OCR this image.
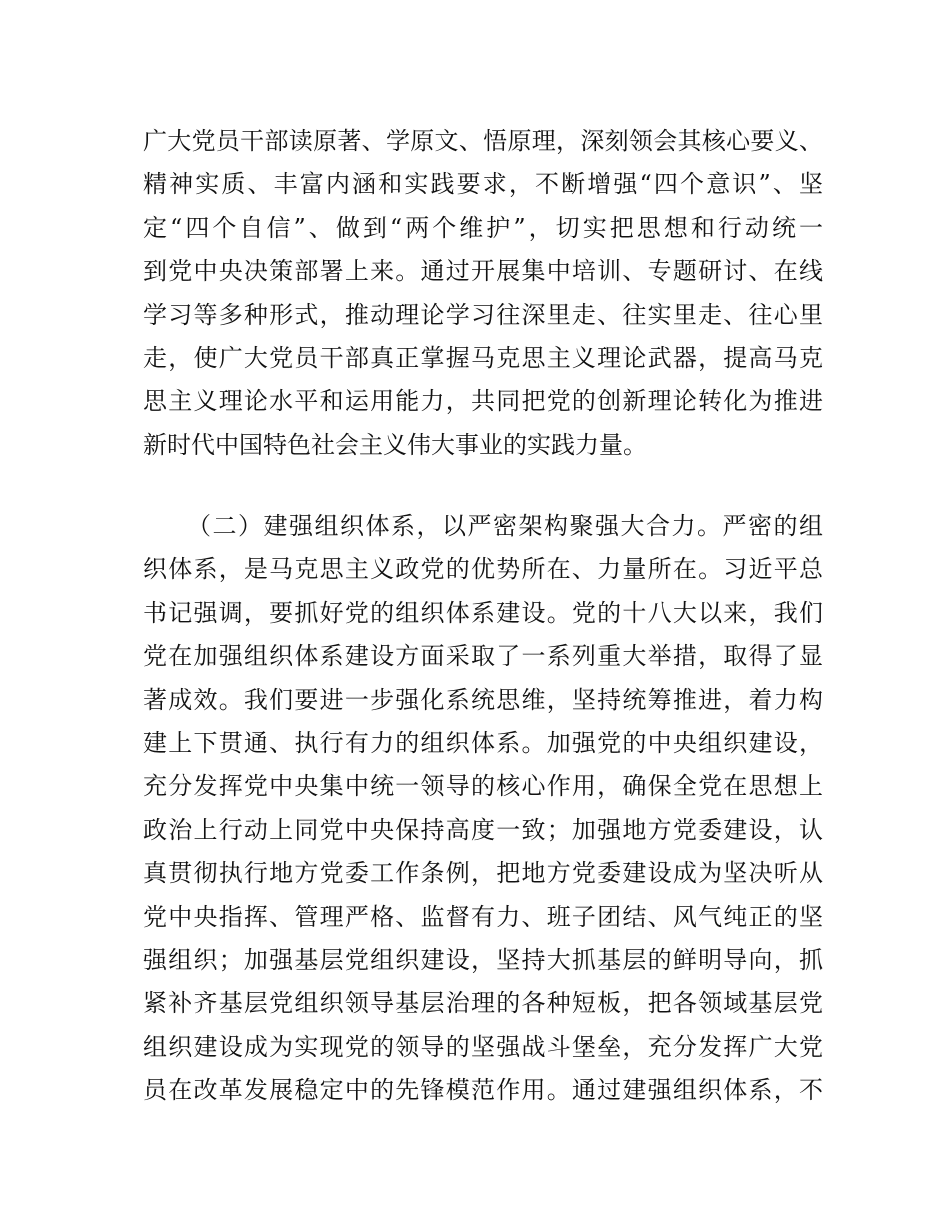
广大党员干部读原著、学原文、悟原理，深刻领会其核心要义、
精神实质、丰富内涵和实践要求，不断增强“四个意识”、坚
定“四个自信”、做到“两个维护”，切实把思想和行动统一
到党中央决策部署上来。通过开展集中培训、专题研讨、在线
学习等多种形式，推动理论学习往深里走、往实里走、往心里
走，使广大党员干部真正掌握马克思主义理论武器，提高马克
思主义理论水平和运用能力，共同把党的创新理论转化为推进
新时代中国特色社会主义伟大事业的实践力量。
（二）建强组织体系，以严密架构聚强大合力。严密的组
织体系，是马克思主义政党的优势所在、力量所在。习近平总
书记强调，要抓好党的组织体系建设。党的十八大以来，我们
党在加强组织体系建设方面采取了一系列重大举措，取得了显
著成效。我们要进一步强化系统思维，坚持统筹推进，着力构
建上下贯通、执行有力的组织体系。加强党的中央组织建设，
充分发挥党中央集中统一领导的核心作用，确保全党在思想上
政治上行动上同党中央保持高度一致；加强地方党委建设，认
真贯彻执行地方党委工作条例，把地方党委建设成为坚决听从
党中央指挥、管理严格、监督有力、班子团结、风气纯正的坚
强组织；加强基层党组织建设，坚持大抓基层的鲜明导向，抓
紧补齐基层党组织领导基层治理的各种短板，把各领域基层党
组织建设成为实现党的领导的坚强战斗堡垒，充分发挥广大党
员在改革发展稳定中的先锋模范作用。通过建强组织体系，不
